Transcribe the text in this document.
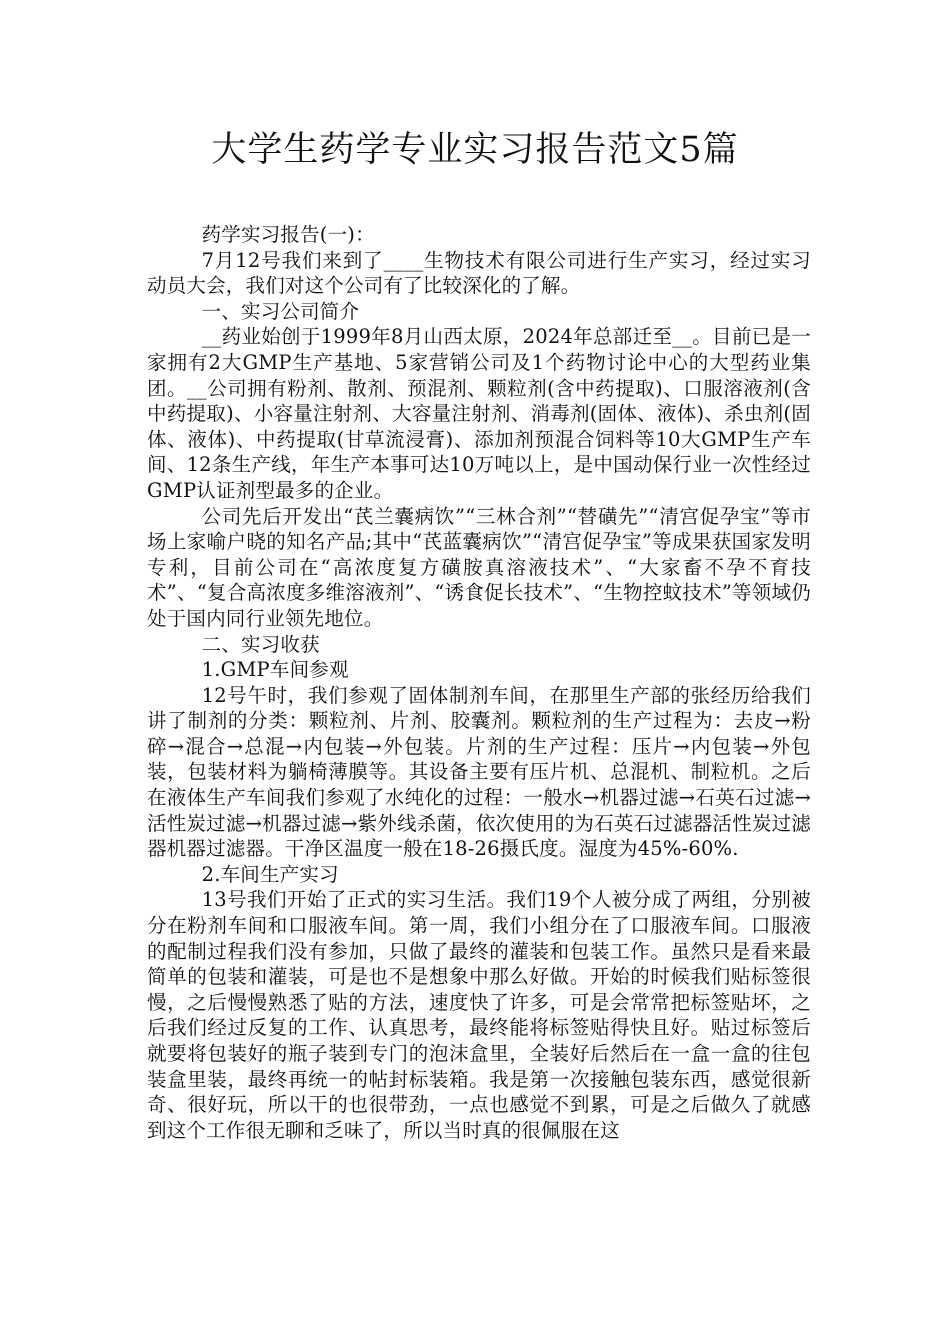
大学生药学专业实习报告范文5篇

药学实习报告(一)：

7月12号我们来到了____生物技术有限公司进行生产实习，经过实习动员大会，我们对这个公司有了比较深化的了解。

一、实习公司简介

__药业始创于1999年8月山西太原，2024年总部迁至__。目前已是一家拥有2大GMP生产基地、5家营销公司及1个药物讨论中心的大型药业集团。__公司拥有粉剂、散剂、预混剂、颗粒剂(含中药提取)、口服溶液剂(含中药提取)、小容量注射剂、大容量注射剂、消毒剂(固体、液体)、杀虫剂(固体、液体)、中药提取(甘草流浸膏)、添加剂预混合饲料等10大GMP生产车间、12条生产线，年生产本事可达10万吨以上，是中国动保行业一次性经过GMP认证剂型最多的企业。

公司先后开发出“芪兰囊病饮”“三林合剂”“替磺先”“清宫促孕宝”等市场上家喻户晓的知名产品;其中“芪蓝囊病饮”“清宫促孕宝”等成果获国家发明专利，目前公司在“高浓度复方磺胺真溶液技术”、“大家畜不孕不育技术”、“复合高浓度多维溶液剂”、“诱食促长技术”、“生物控蚊技术”等领域仍处于国内同行业领先地位。

二、实习收获

1.GMP车间参观

12号午时，我们参观了固体制剂车间，在那里生产部的张经历给我们讲了制剂的分类：颗粒剂、片剂、胶囊剂。颗粒剂的生产过程为：去皮→粉碎→混合→总混→内包装→外包装。片剂的生产过程：压片→内包装→外包装，包装材料为躺椅薄膜等。其设备主要有压片机、总混机、制粒机。之后在液体生产车间我们参观了水纯化的过程：一般水→机器过滤→石英石过滤→活性炭过滤→机器过滤→紫外线杀菌，依次使用的为石英石过滤器活性炭过滤器机器过滤器。干净区温度一般在18-26摄氏度。湿度为45%-60%.

2.车间生产实习

13号我们开始了正式的实习生活。我们19个人被分成了两组，分别被分在粉剂车间和口服液车间。第一周，我们小组分在了口服液车间。口服液的配制过程我们没有参加，只做了最终的灌装和包装工作。虽然只是看来最简单的包装和灌装，可是也不是想象中那么好做。开始的时候我们贴标签很慢，之后慢慢熟悉了贴的方法，速度快了许多，可是会常常把标签贴坏，之后我们经过反复的工作、认真思考，最终能将标签贴得快且好。贴过标签后就要将包装好的瓶子装到专门的泡沫盒里，全装好后然后在一盒一盒的往包装盒里装，最终再统一的帖封标装箱。我是第一次接触包装东西，感觉很新奇、很好玩，所以干的也很带劲，一点也感觉不到累，可是之后做久了就感到这个工作很无聊和乏味了，所以当时真的很佩服在这
